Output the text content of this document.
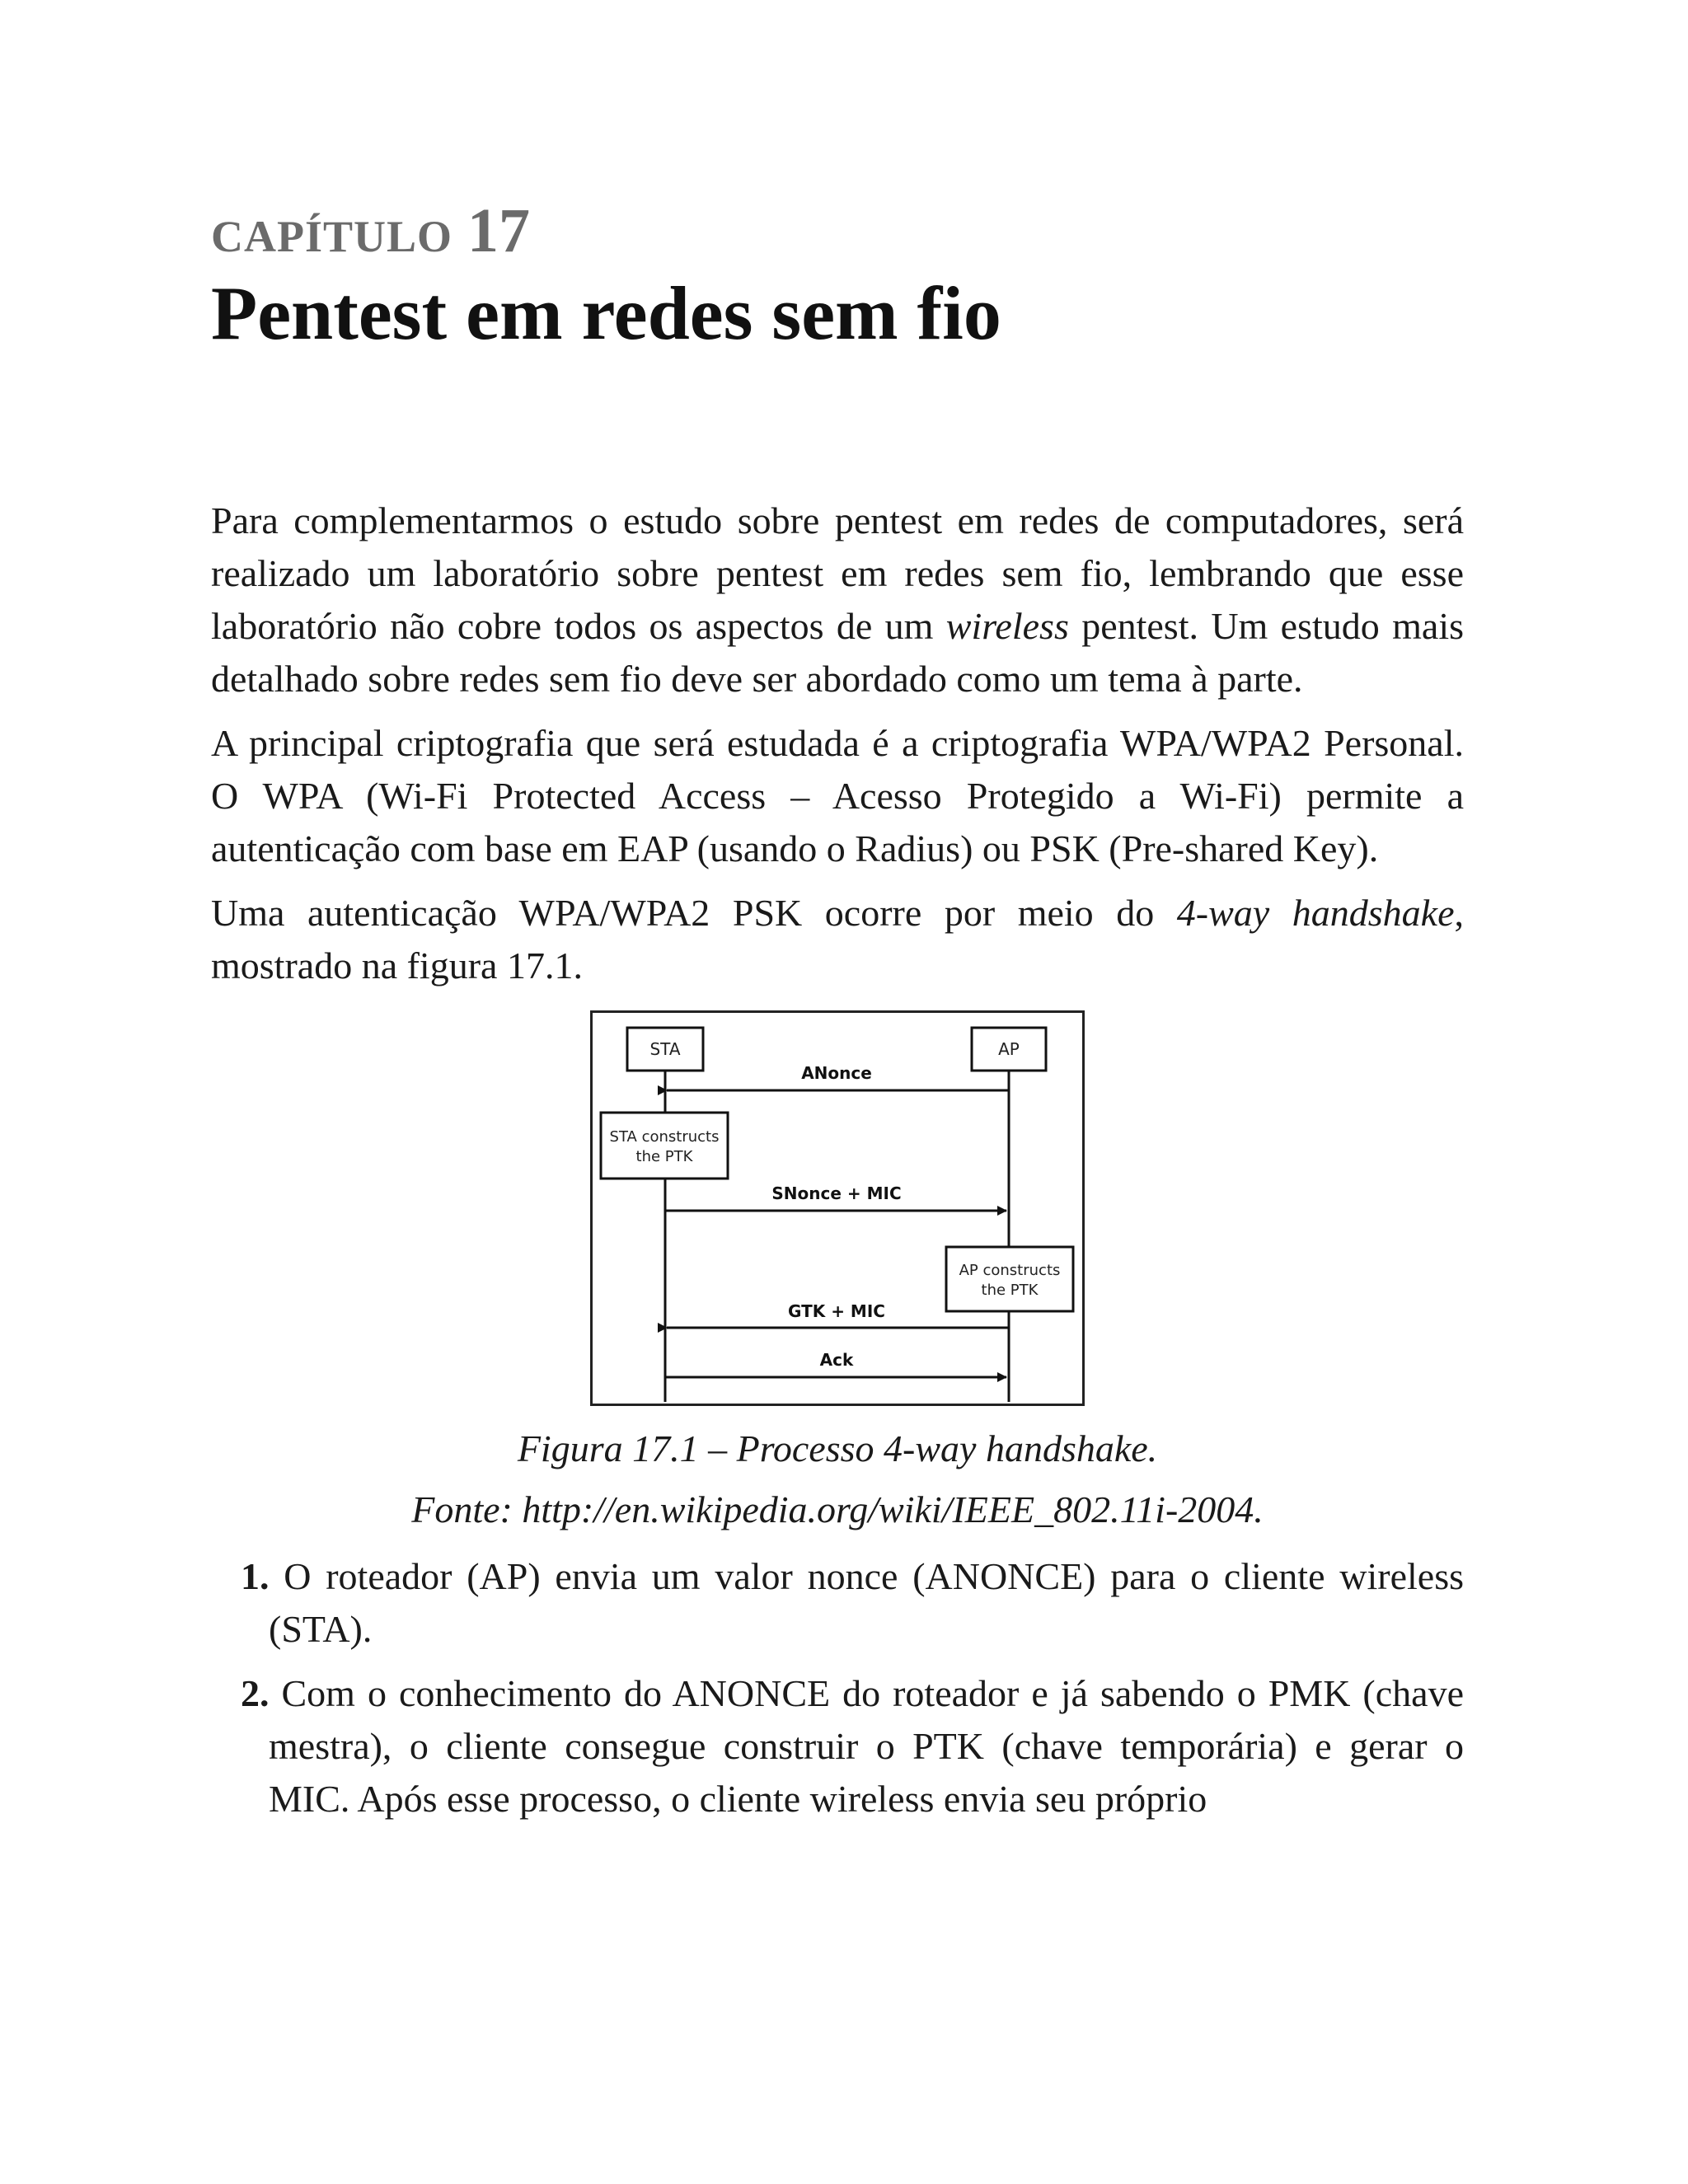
CAPÍTULO 17
Pentest em redes sem fio

Para complementarmos o estudo sobre pentest em redes de computadores, será realizado um laboratório sobre pentest em redes sem fio, lembrando que esse laboratório não cobre todos os aspectos de um wireless pentest. Um estudo mais detalhado sobre redes sem fio deve ser abordado como um tema à parte.

A principal criptografia que será estudada é a criptografia WPA/WPA2 Personal. O WPA (Wi-Fi Protected Access – Acesso Protegido a Wi-Fi) permite a autenticação com base em EAP (usando o Radius) ou PSK (Pre-shared Key).

Uma autenticação WPA/WPA2 PSK ocorre por meio do 4-way handshake, mostrado na figura 17.1.

STA	AP
ANonce
STA constructs
the PTK
SNonce + MIC
AP constructs
the PTK
GTK + MIC
Ack

Figura 17.1 – Processo 4-way handshake.

Fonte: http://en.wikipedia.org/wiki/IEEE_802.11i-2004.

1. O roteador (AP) envia um valor nonce (ANONCE) para o cliente wireless (STA).
2. Com o conhecimento do ANONCE do roteador e já sabendo o PMK (chave mestra), o cliente consegue construir o PTK (chave temporária) e gerar o MIC. Após esse processo, o cliente wireless envia seu próprio
